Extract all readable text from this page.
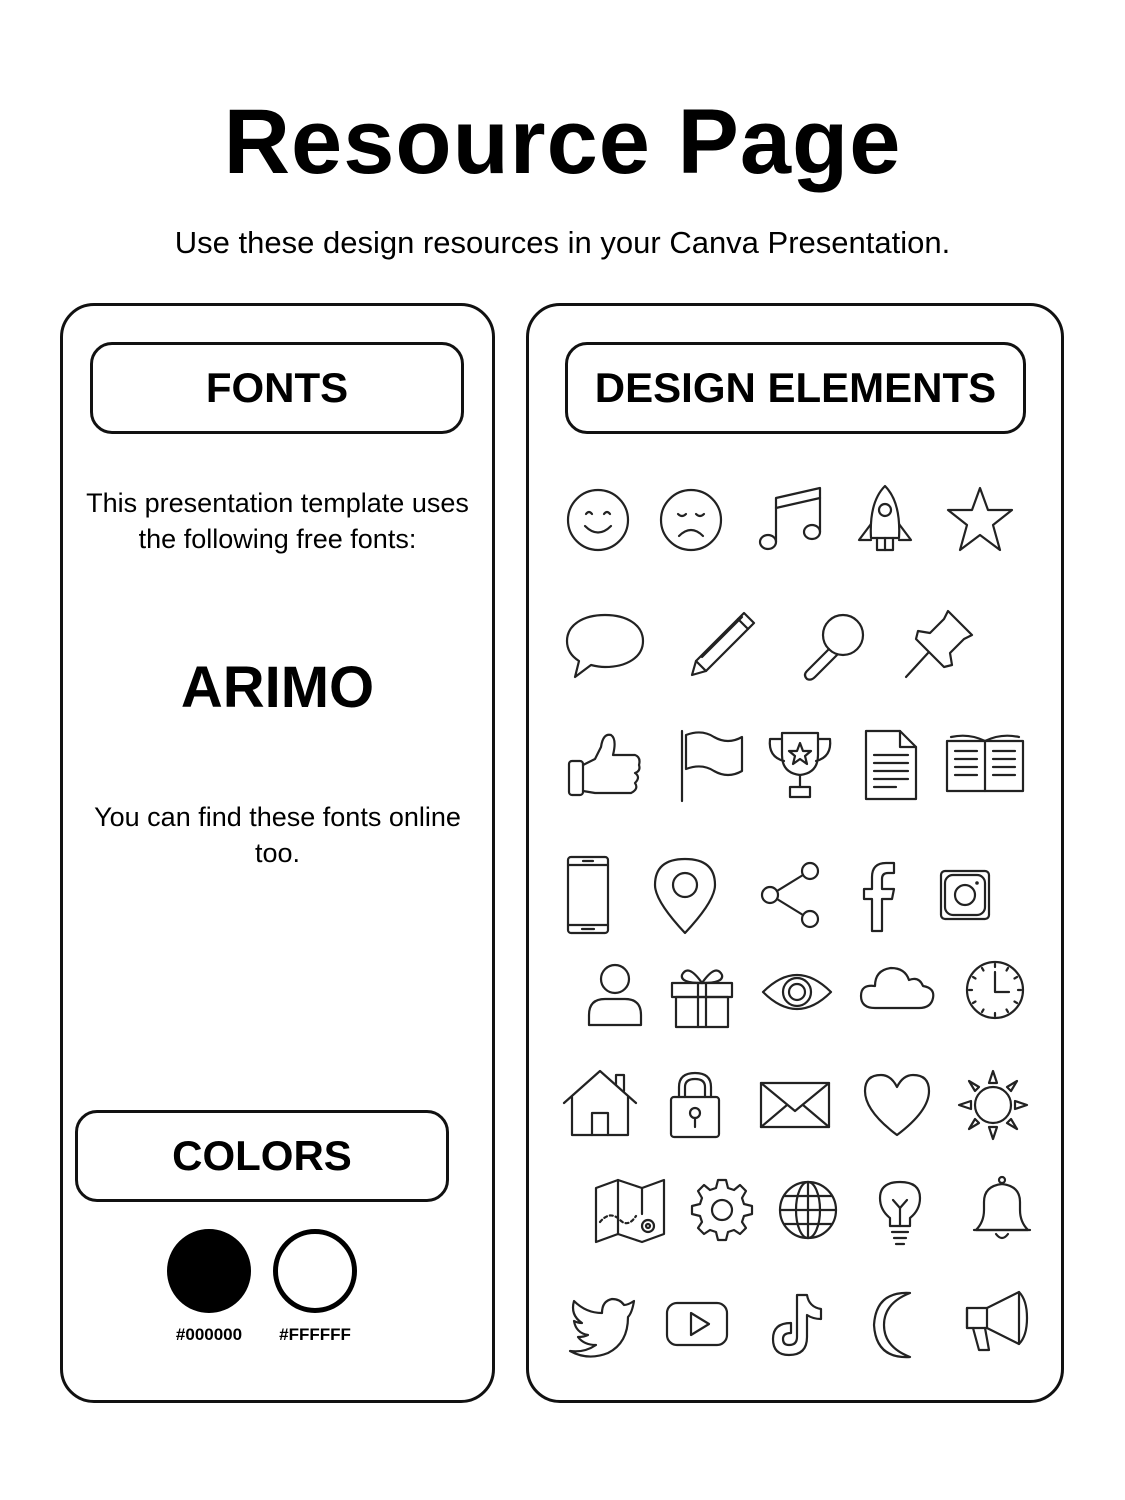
Resource Page
Use these design resources in your Canva Presentation.
FONTS
This presentation template uses the following free fonts:
ARIMO
You can find these fonts online too.
COLORS
#000000	#FFFFFF
DESIGN ELEMENTS
